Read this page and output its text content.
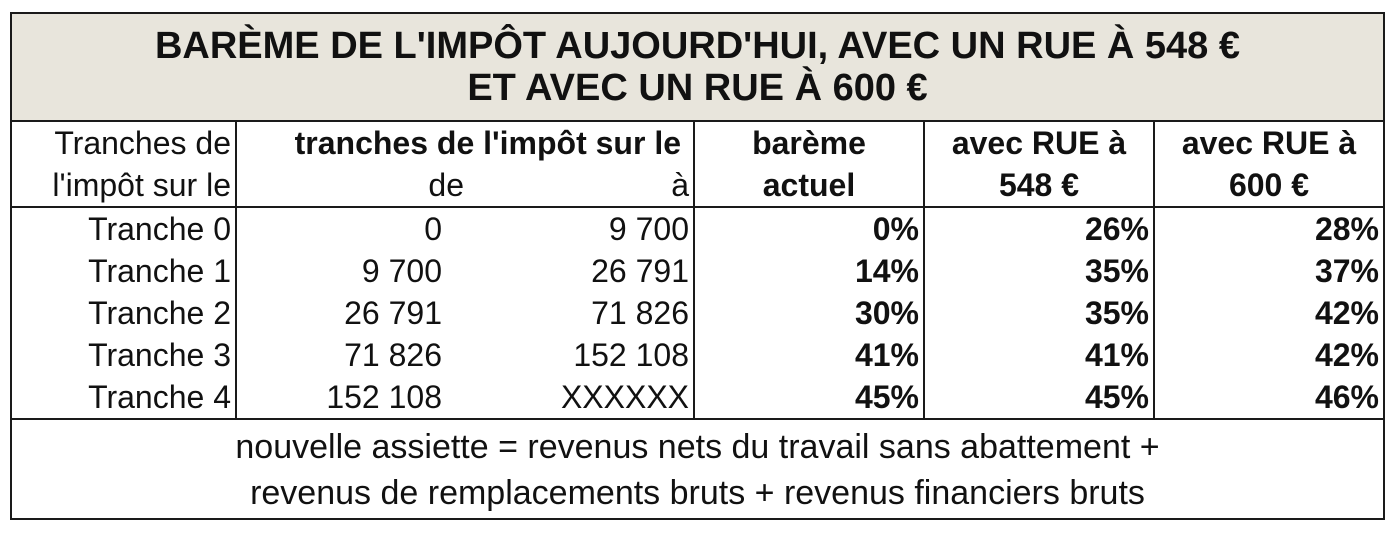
BARÈME DE L'IMPÔT AUJOURD'HUI, AVEC UN RUE À 548 €
ET AVEC UN RUE À 600 €
Tranches de	tranches de l'impôt sur le		barème	avec RUE à	avec RUE à
l'impôt sur le	de	à	actuel	548 €	600 €
Tranche 0	0	9 700	0%	26%	28%
Tranche 1	9 700	26 791	14%	35%	37%
Tranche 2	26 791	71 826	30%	35%	42%
Tranche 3	71 826	152 108	41%	41%	42%
Tranche 4	152 108	XXXXXX	45%	45%	46%
nouvelle assiette = revenus nets du travail sans abattement +
revenus de remplacements bruts + revenus financiers bruts
